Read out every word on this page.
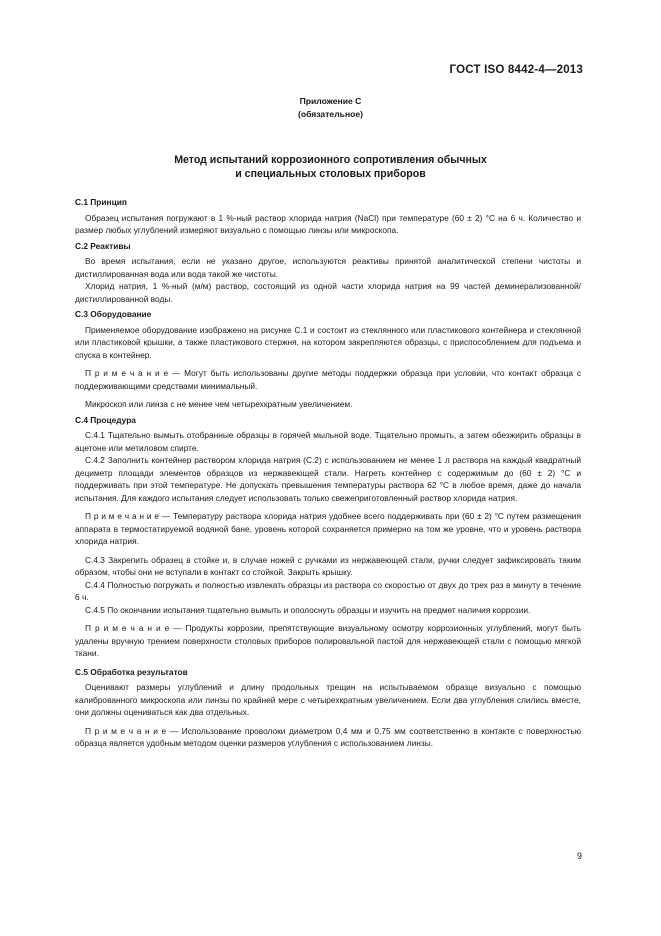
ГОСТ ISO 8442-4—2013
Приложение С
(обязательное)
Метод испытаний коррозионного сопротивления обычных
и специальных столовых приборов

С.1 Принцип

Образец испытания погружают в 1 %-ный раствор хлорида натрия (NaCl) при температуре (60 ± 2) °С на 6 ч. Количество и размер любых углублений измеряют визуально с помощью линзы или микроскопа.

С.2 Реактивы

Во время испытания, если не указано другое, используются реактивы принятой аналитической степени чистоты и дистиллированная вода или вода такой же чистоты.

Хлорид натрия, 1 %-ный (м/м) раствор, состоящий из одной части хлорида натрия на 99 частей деминерализованной/дистиллированной воды.

С.3 Оборудование

Применяемое оборудование изображено на рисунке С.1 и состоит из стеклянного или пластикового контейнера и стеклянной или пластиковой крышки, а также пластикового стержня, на котором закрепляются образцы, с приспособлением для подъема и спуска в контейнер.

П р и м е ч а н и е — Могут быть использованы другие методы поддержки образца при условии, что контакт образца с поддерживающими средствами минимальный.

Микроскоп или линза с не менее чем четырехкратным увеличением.

С.4 Процедура

С.4.1 Тщательно вымыть отобранные образцы в горячей мыльной воде. Тщательно промыть, а затем обезжирить образцы в ацетоне или метиловом спирте.

С.4.2 Заполнить контейнер раствором хлорида натрия (С.2) с использованием не менее 1 л раствора на каждый квадратный дециметр площади элементов образцов из нержавеющей стали. Нагреть контейнер с содержимым до (60 ± 2) °С и поддерживать при этой температуре. Не допускать превышения температуры раствора 62 °С в любое время, даже до начала испытания. Для каждого испытания следует использовать только свежеприготовленный раствор хлорида натрия.

П р и м е ч а н и е — Температуру раствора хлорида натрия удобнее всего поддерживать при (60 ± 2) °С путем размещения аппарата в термостатируемой водяной бане, уровень которой сохраняется примерно на том же уровне, что и уровень раствора хлорида натрия.

С.4.3 Закрепить образец в стойке и, в случае ножей с ручками из нержавеющей стали, ручки следует зафиксировать таким образом, чтобы они не вступали в контакт со стойкой. Закрыть крышку.

С.4.4 Полностью погружать и полностью извлекать образцы из раствора со скоростью от двух до трех раз в минуту в течение 6 ч.

С.4.5 По окончании испытания тщательно вымыть и ополоснуть образцы и изучить на предмет наличия коррозии.

П р и м е ч а н и е — Продукты коррозии, препятствующие визуальному осмотру коррозионных углублений, могут быть удалены вручную трением поверхности столовых приборов полировальной пастой для нержавеющей стали с помощью мягкой ткани.

С.5 Обработка результатов

Оценивают размеры углублений и длину продольных трещин на испытываемом образце визуально с помощью калиброванного микроскопа или линзы по крайней мере с четырехкратным увеличением. Если два углубления слились вместе, они должны оцениваться как два отдельных.

П р и м е ч а н и е — Использование проволоки диаметром 0,4 мм и 0,75 мм соответственно в контакте с поверхностью образца является удобным методом оценки размеров углубления с использованием линзы.

9
